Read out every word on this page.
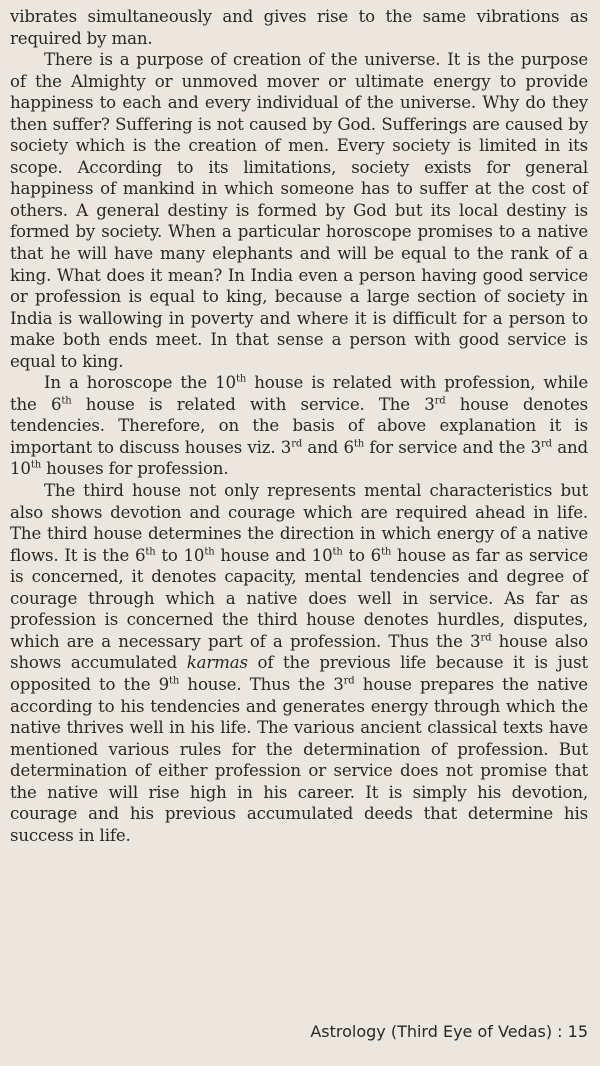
vibrates simultaneously and gives rise to the same vibrations as required by man.

There is a purpose of creation of the universe. It is the purpose of the Almighty or unmoved mover or ultimate energy to provide happiness to each and every individual of the universe. Why do they then suffer? Suffering is not caused by God. Sufferings are caused by society which is the creation of men. Every society is limited in its scope. According to its limitations, society exists for general happiness of mankind in which someone has to suffer at the cost of others. A general destiny is formed by God but its local destiny is formed by society. When a particular horoscope promises to a native that he will have many elephants and will be equal to the rank of a king. What does it mean? In India even a person having good service or profession is equal to king, because a large section of society in India is wallowing in poverty and where it is difficult for a person to make both ends meet. In that sense a person with good service is equal to king.

In a horoscope the 10th house is related with profession, while the 6th house is related with service. The 3rd house denotes tendencies. Therefore, on the basis of above explanation it is important to discuss houses viz. 3rd and 6th for service and the 3rd and 10th houses for profession.

The third house not only represents mental characteristics but also shows devotion and courage which are required ahead in life. The third house determines the direction in which energy of a native flows. It is the 6th to 10th house and 10th to 6th house as far as service is concerned, it denotes capacity, mental tendencies and degree of courage through which a native does well in service. As far as profession is concerned the third house denotes hurdles, disputes, which are a necessary part of a profession. Thus the 3rd house also shows accumulated karmas of the previous life because it is just opposited to the 9th house. Thus the 3rd house prepares the native according to his tendencies and generates energy through which the native thrives well in his life. The various ancient classical texts have mentioned various rules for the determination of profession. But determination of either profession or service does not promise that the native will rise high in his career. It is simply his devotion, courage and his previous accumulated deeds that determine his success in life.

Astrology (Third Eye of Vedas) : 15
